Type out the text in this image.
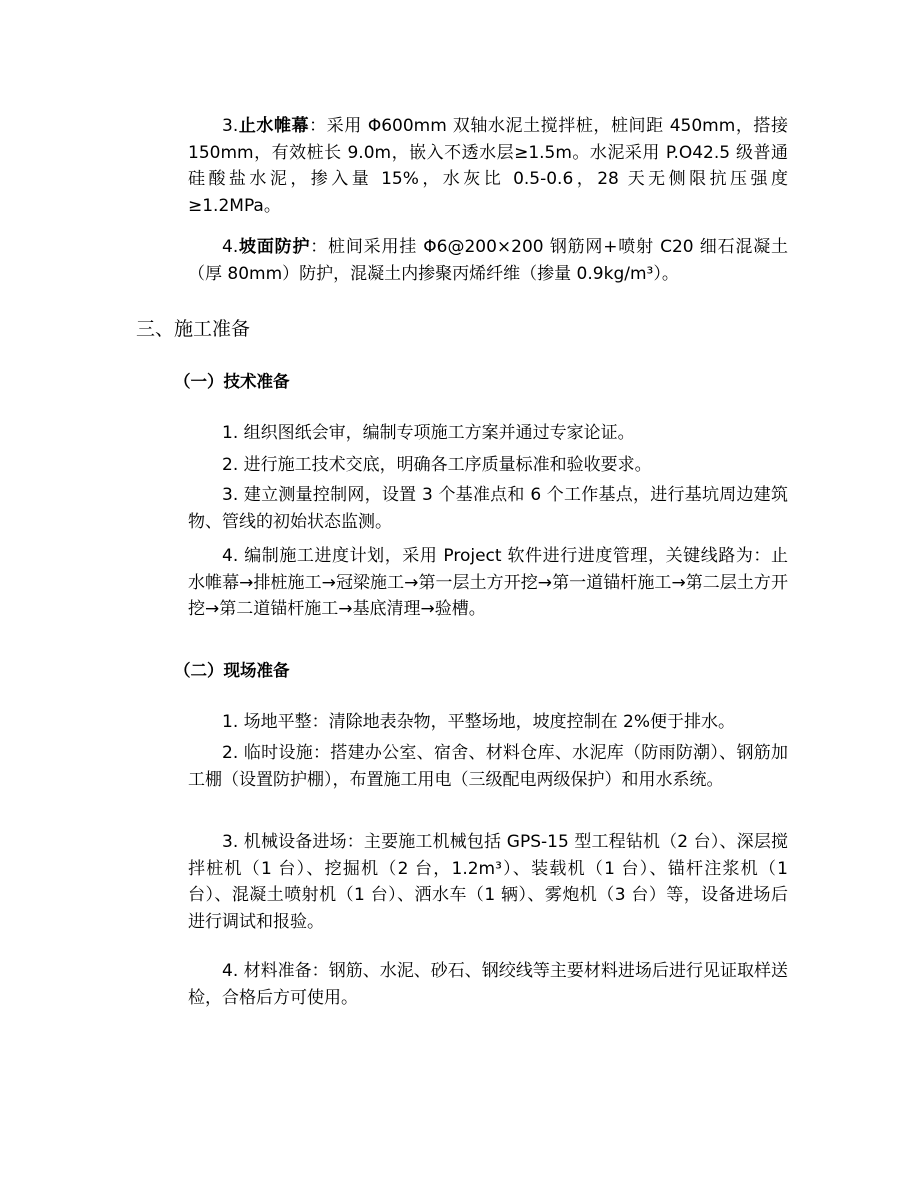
3.止水帷幕：采用 Φ600mm 双轴水泥土搅拌桩，桩间距 450mm，搭接 150mm，有效桩长 9.0m，嵌入不透水层≥1.5m。水泥采用 P.O42.5 级普通硅酸盐水泥，掺入量 15%，水灰比 0.5-0.6，28 天无侧限抗压强度≥1.2MPa。

4.坡面防护：桩间采用挂 Φ6@200×200 钢筋网+喷射 C20 细石混凝土（厚 80mm）防护，混凝土内掺聚丙烯纤维（掺量 0.9kg/m³）。

三、施工准备
（一）技术准备

1. 组织图纸会审，编制专项施工方案并通过专家论证。

2. 进行施工技术交底，明确各工序质量标准和验收要求。

3. 建立测量控制网，设置 3 个基准点和 6 个工作基点，进行基坑周边建筑物、管线的初始状态监测。

4. 编制施工进度计划，采用 Project 软件进行进度管理，关键线路为：止水帷幕→排桩施工→冠梁施工→第一层土方开挖→第一道锚杆施工→第二层土方开挖→第二道锚杆施工→基底清理→验槽。

（二）现场准备

1. 场地平整：清除地表杂物，平整场地，坡度控制在 2%便于排水。

2. 临时设施：搭建办公室、宿舍、材料仓库、水泥库（防雨防潮）、钢筋加工棚（设置防护棚），布置施工用电（三级配电两级保护）和用水系统。

3. 机械设备进场：主要施工机械包括 GPS-15 型工程钻机（2 台）、深层搅拌桩机（1 台）、挖掘机（2 台，1.2m³）、装载机（1 台）、锚杆注浆机（1 台）、混凝土喷射机（1 台）、洒水车（1 辆）、雾炮机（3 台）等，设备进场后进行调试和报验。

4. 材料准备：钢筋、水泥、砂石、钢绞线等主要材料进场后进行见证取样送检，合格后方可使用。
